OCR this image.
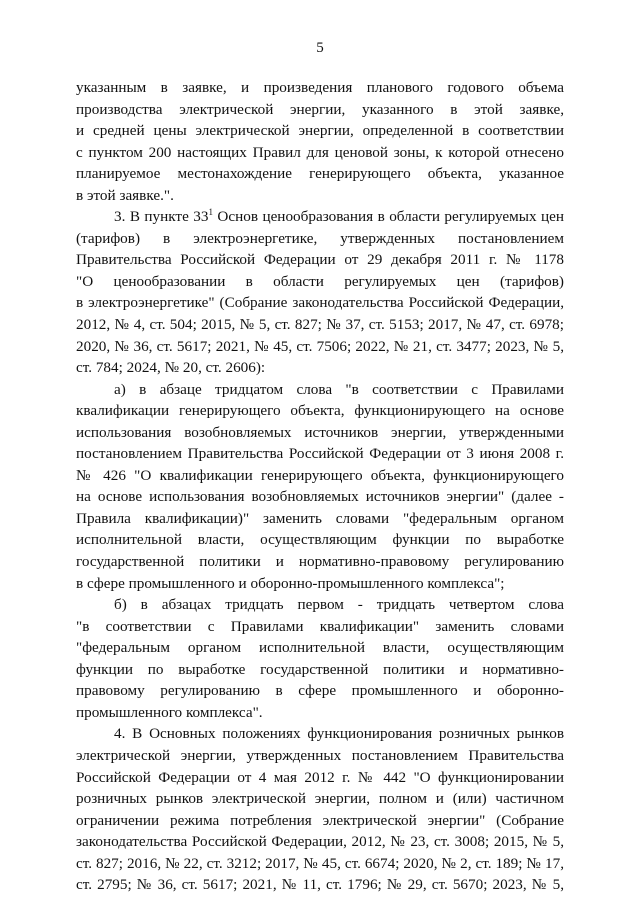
5
указанным в заявке, и произведения планового годового объема
производства электрической энергии, указанного в этой заявке,
и средней цены электрической энергии, определенной в соответствии
с пунктом 200 настоящих Правил для ценовой зоны, к которой отнесено
планируемое местонахождение генерирующего объекта, указанное
в этой заявке.".
3. В пункте $33^1$ Основ ценообразования в области регулируемых цен
(тарифов) в электроэнергетике, утвержденных постановлением
Правительства Российской Федерации от 29 декабря 2011 г. № 1178
"О ценообразовании в области регулируемых цен (тарифов)
в электроэнергетике" (Собрание законодательства Российской Федерации,
2012, № 4, ст. 504; 2015, № 5, ст. 827; № 37, ст. 5153; 2017, № 47, ст. 6978;
2020, № 36, ст. 5617; 2021, № 45, ст. 7506; 2022, № 21, ст. 3477; 2023, № 5,
ст. 784; 2024, № 20, ст. 2606):
а) в абзаце тридцатом слова "в соответствии с Правилами
квалификации генерирующего объекта, функционирующего на основе
использования возобновляемых источников энергии, утвержденными
постановлением Правительства Российской Федерации от 3 июня 2008 г.
№ 426 "О квалификации генерирующего объекта, функционирующего
на основе использования возобновляемых источников энергии" (далее -
Правила квалификации)" заменить словами "федеральным органом
исполнительной власти, осуществляющим функции по выработке
государственной политики и нормативно-правовому регулированию
в сфере промышленного и оборонно-промышленного комплекса";
б) в абзацах тридцать первом - тридцать четвертом слова
"в соответствии с Правилами квалификации" заменить словами
"федеральным органом исполнительной власти, осуществляющим
функции по выработке государственной политики и нормативно-
правовому регулированию в сфере промышленного и оборонно-
промышленного комплекса".
4. В Основных положениях функционирования розничных рынков
электрической энергии, утвержденных постановлением Правительства
Российской Федерации от 4 мая 2012 г. № 442 "О функционировании
розничных рынков электрической энергии, полном и (или) частичном
ограничении режима потребления электрической энергии" (Собрание
законодательства Российской Федерации, 2012, № 23, ст. 3008; 2015, № 5,
ст. 827; 2016, № 22, ст. 3212; 2017, № 45, ст. 6674; 2020, № 2, ст. 189; № 17,
ст. 2795; № 36, ст. 5617; 2021, № 11, ст. 1796; № 29, ст. 5670; 2023, № 5,
